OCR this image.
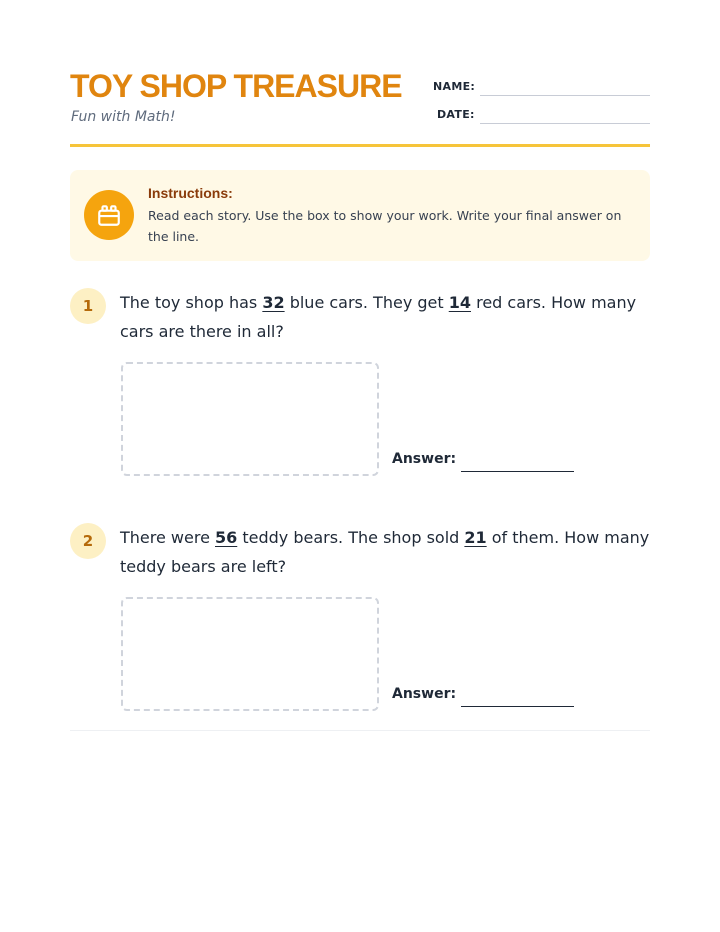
TOY SHOP TREASURE
Fun with Math!
NAME:
DATE:
Instructions:
Read each story. Use the box to show your work. Write your final answer on the line.
1	The toy shop has 32 blue cars. They get 14 red cars. How many cars are there in all?
Answer:
2	There were 56 teddy bears. The shop sold 21 of them. How many teddy bears are left?
Answer:
